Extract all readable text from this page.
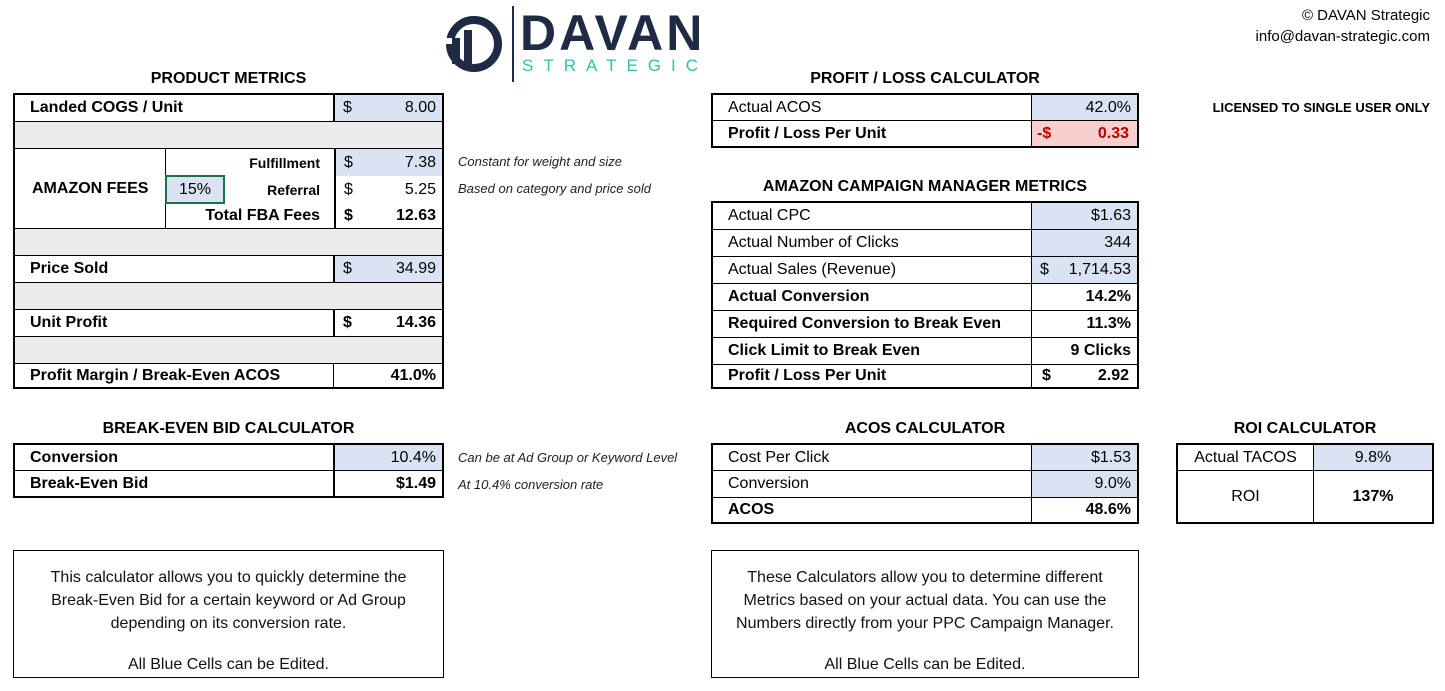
DAVAN
STRATEGIC
© DAVAN Strategic
info@davan-strategic.com
LICENSED TO SINGLE USER ONLY
PRODUCT METRICS
Landed COGS / Unit	$	8.00
AMAZON FEES
Fulfillment	$	7.38
15%	Referral	$	5.25
Total FBA Fees	$	12.63
Price Sold	$	34.99
Unit Profit	$	14.36
Profit Margin / Break-Even ACOS	41.0%
Constant for weight and size
Based on category and price sold
BREAK-EVEN BID CALCULATOR
Conversion	10.4%
Break-Even Bid	$1.49
Can be at Ad Group or Keyword Level
At 10.4% conversion rate

This calculator allows you to quickly determine the Break-Even Bid for a certain keyword or Ad Group depending on its conversion rate.

All Blue Cells can be Edited.

PROFIT / LOSS CALCULATOR
Actual ACOS	42.0%
Profit / Loss Per Unit	-$	0.33
AMAZON CAMPAIGN MANAGER METRICS
Actual CPC	$1.63
Actual Number of Clicks	344
Actual Sales (Revenue)	$ 1,714.53
Actual Conversion	14.2%
Required Conversion to Break Even	11.3%
Click Limit to Break Even	9 Clicks
Profit / Loss Per Unit	$	2.92
ACOS CALCULATOR
Cost Per Click	$1.53
Conversion	9.0%
ACOS	48.6%

These Calculators allow you to determine different Metrics based on your actual data. You can use the Numbers directly from your PPC Campaign Manager.

All Blue Cells can be Edited.

ROI CALCULATOR
Actual TACOS	9.8%
ROI	137%
